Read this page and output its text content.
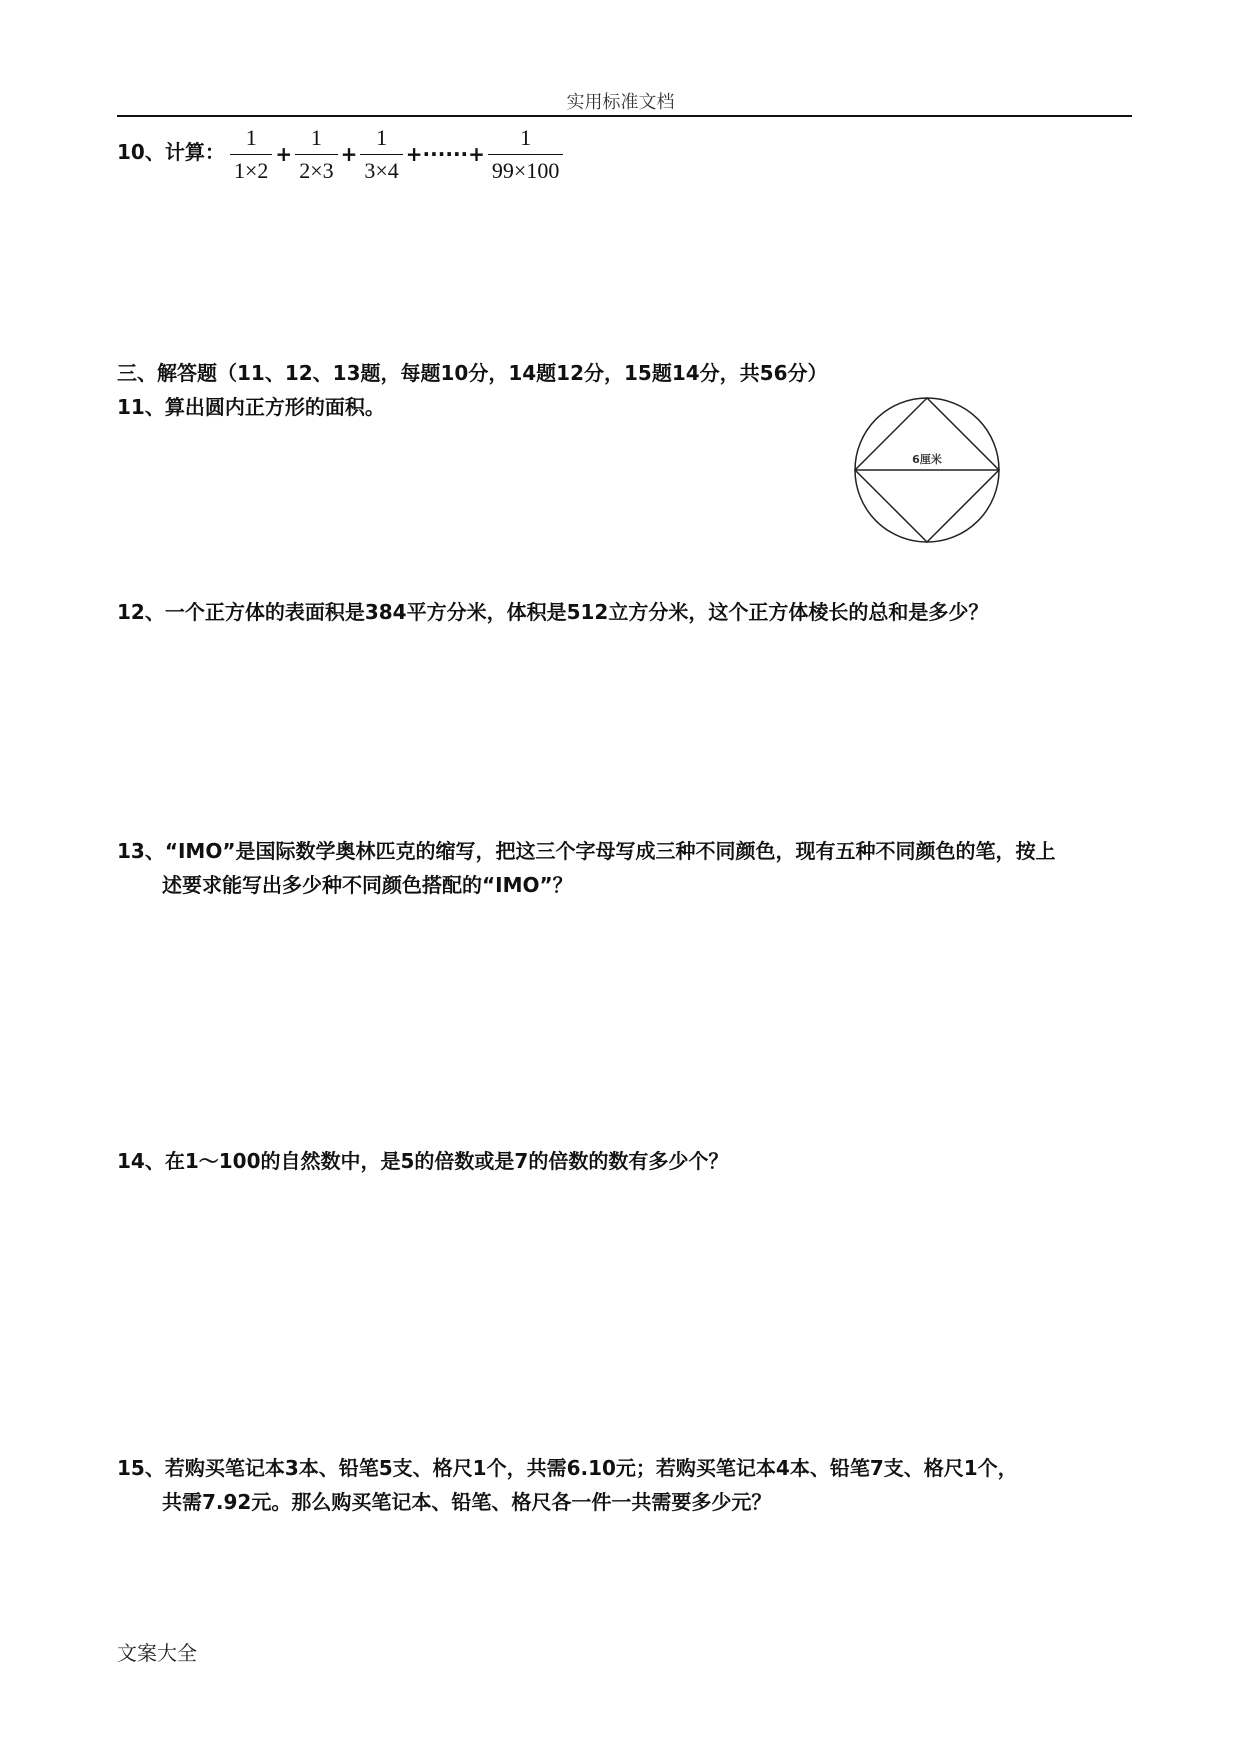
实用标准文档
10、计算： $\frac{1}{1\times 2} + \frac{1}{2\times 3} + \frac{1}{3\times 4}$ +······+ $\frac{1}{99\times 100}$
三、解答题（11、12、13题，每题10分，14题12分，15题14分，共56分）
11、算出圆内正方形的面积。
6厘米
12、一个正方体的表面积是384平方分米，体积是512立方分米，这个正方体棱长的总和是多少？
13、“IMO”是国际数学奥林匹克的缩写，把这三个字母写成三种不同颜色，现有五种不同颜色的笔，按上
述要求能写出多少种不同颜色搭配的“IMO”？
14、在1～100的自然数中，是5的倍数或是7的倍数的数有多少个？
15、若购买笔记本3本、铅笔5支、格尺1个，共需6.10元；若购买笔记本4本、铅笔7支、格尺1个，
共需7.92元。那么购买笔记本、铅笔、格尺各一件一共需要多少元？
文案大全
